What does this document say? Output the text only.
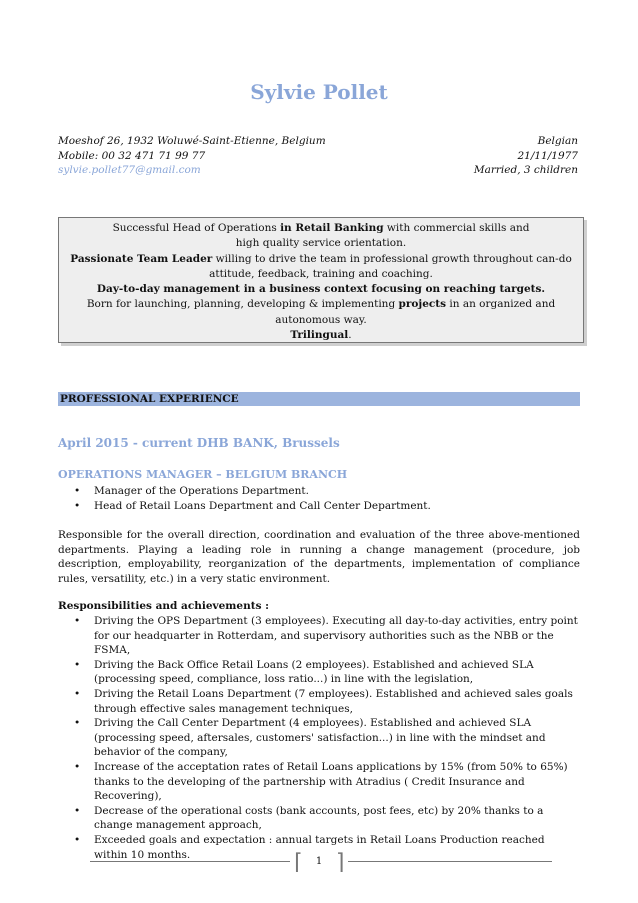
Sylvie Pollet
Moeshof 26, 1932 Woluwé-Saint-Etienne, Belgium	Belgian
Mobile: 00 32 471 71 99 77	21/11/1977
sylvie.pollet77@gmail.com	Married, 3 children

Successful Head of Operations in Retail Banking with commercial skills and

high quality service orientation.

Passionate Team Leader willing to drive the team in professional growth throughout can-do

attitude, feedback, training and coaching.

Day-to-day management in a business context focusing on reaching targets.

Born for launching, planning, developing & implementing projects in an organized and

autonomous way.

Trilingual.

PROFESSIONAL EXPERIENCE
April 2015 - current DHB BANK, Brussels
OPERATIONS MANAGER – BELGIUM BRANCH
• Manager of the Operations Department.
• Head of Retail Loans Department and Call Center Department.

Responsible for the overall direction, coordination and evaluation of the three above-mentioned departments. Playing a leading role in running a change management (procedure, job description, employability, reorganization of the departments, implementation of compliance rules, versatility, etc.) in a very static environment.

Responsibilities and achievements :
• Driving the OPS Department (3 employees). Executing all day-to-day activities, entry point for our headquarter in Rotterdam, and supervisory authorities such as the NBB or the FSMA,
• Driving the Back Office Retail Loans (2 employees). Established and achieved SLA (processing speed, compliance, loss ratio...) in line with the legislation,
• Driving the Retail Loans Department (7 employees). Established and achieved sales goals through effective sales management techniques,
• Driving the Call Center Department (4 employees). Established and achieved SLA (processing speed, aftersales, customers' satisfaction...) in line with the mindset and behavior of the company,
• Increase of the acceptation rates of Retail Loans applications by 15% (from 50% to 65%) thanks to the developing of the partnership with Atradius ( Credit Insurance and Recovering),
• Decrease of the operational costs (bank accounts, post fees, etc) by 20% thanks to a change management approach,
• Exceeded goals and expectation : annual targets in Retail Loans Production reached within 10 months.	⌈	1 ⌉
